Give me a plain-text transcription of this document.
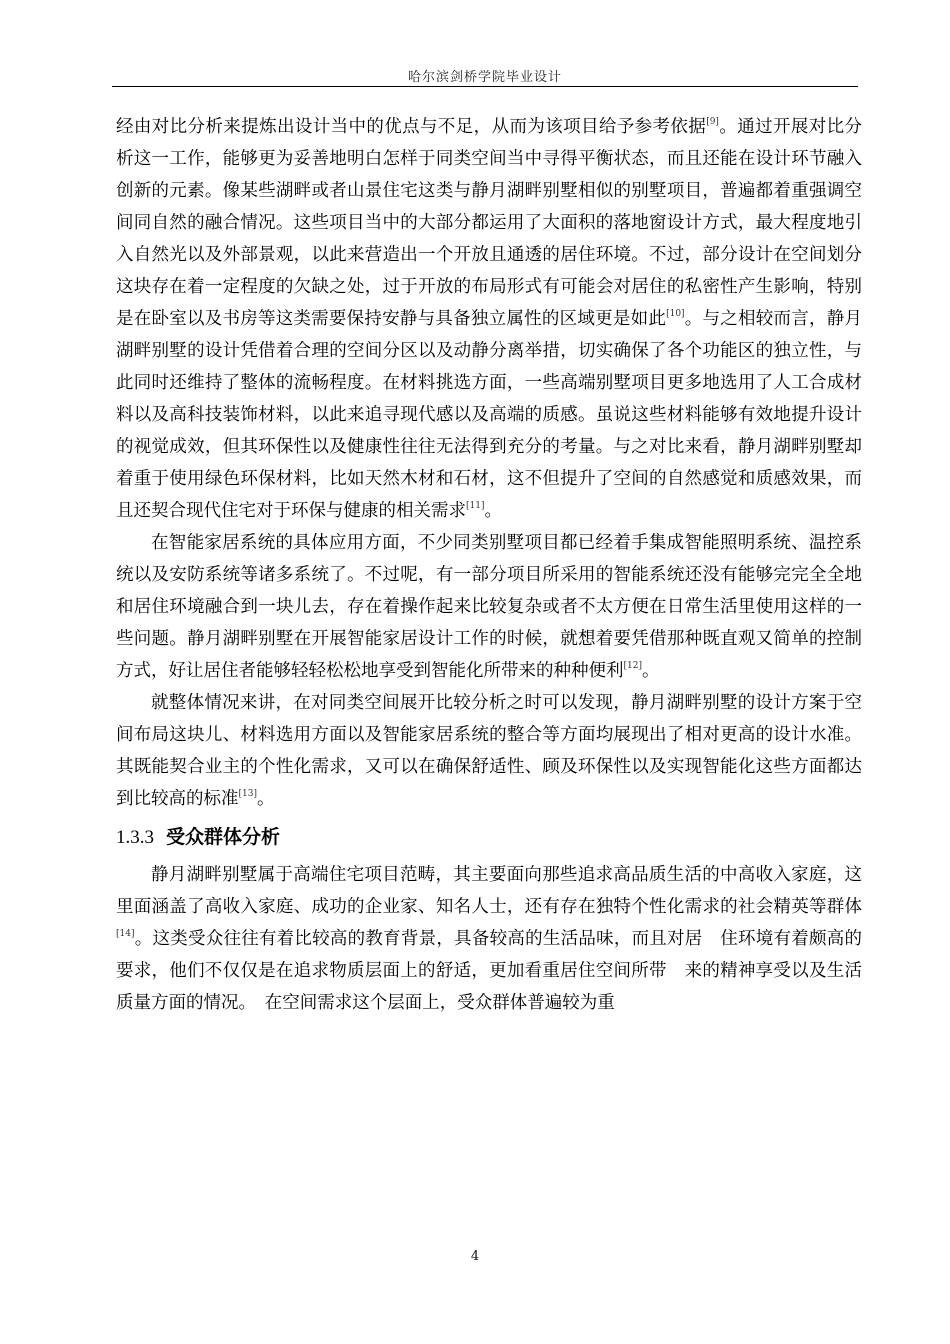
哈尔滨剑桥学院毕业设计

经由对比分析来提炼出设计当中的优点与不足，从而为该项目给予参考依据[9]。通过开展对比分析这一工作，能够更为妥善地明白怎样于同类空间当中寻得平衡状态，而且还能在设计环节融入创新的元素。像某些湖畔或者山景住宅这类与静月湖畔别墅相似的别墅项目，普遍都着重强调空间同自然的融合情况。这些项目当中的大部分都运用了大面积的落地窗设计方式，最大程度地引入自然光以及外部景观，以此来营造出一个开放且通透的居住环境。不过，部分设计在空间划分这块存在着一定程度的欠缺之处，过于开放的布局形式有可能会对居住的私密性产生影响，特别是在卧室以及书房等这类需要保持安静与具备独立属性的区域更是如此[10]。与之相较而言，静月湖畔别墅的设计凭借着合理的空间分区以及动静分离举措，切实确保了各个功能区的独立性，与此同时还维持了整体的流畅程度。在材料挑选方面，一些高端别墅项目更多地选用了人工合成材料以及高科技装饰材料，以此来追寻现代感以及高端的质感。虽说这些材料能够有效地提升设计的视觉成效，但其环保性以及健康性往往无法得到充分的考量。与之对比来看，静月湖畔别墅却着重于使用绿色环保材料，比如天然木材和石材，这不但提升了空间的自然感觉和质感效果，而且还契合现代住宅对于环保与健康的相关需求[11]。

在智能家居系统的具体应用方面，不少同类别墅项目都已经着手集成智能照明系统、温控系统以及安防系统等诸多系统了。不过呢，有一部分项目所采用的智能系统还没有能够完完全全地和居住环境融合到一块儿去，存在着操作起来比较复杂或者不太方便在日常生活里使用这样的一些问题。静月湖畔别墅在开展智能家居设计工作的时候，就想着要凭借那种既直观又简单的控制方式，好让居住者能够轻轻松松地享受到智能化所带来的种种便利[12]。

就整体情况来讲，在对同类空间展开比较分析之时可以发现，静月湖畔别墅的设计方案于空间布局这块儿、材料选用方面以及智能家居系统的整合等方面均展现出了相对更高的设计水准。其既能契合业主的个性化需求，又可以在确保舒适性、顾及环保性以及实现智能化这些方面都达到比较高的标准[13]。

1.3.3 受众群体分析

静月湖畔别墅属于高端住宅项目范畴，其主要面向那些追求高品质生活的中高收入家庭，这里面涵盖了高收入家庭、成功的企业家、知名人士，还有存在独特个性化需求的社会精英等群体[14]。这类受众往往有着比较高的教育背景，具备较高的生活品味，而且对居　住环境有着颇高的要求，他们不仅仅是在追求物质层面上的舒适，更加看重居住空间所带　来的精神享受以及生活质量方面的情况。　在空间需求这个层面上，受众群体普遍较为重

4
